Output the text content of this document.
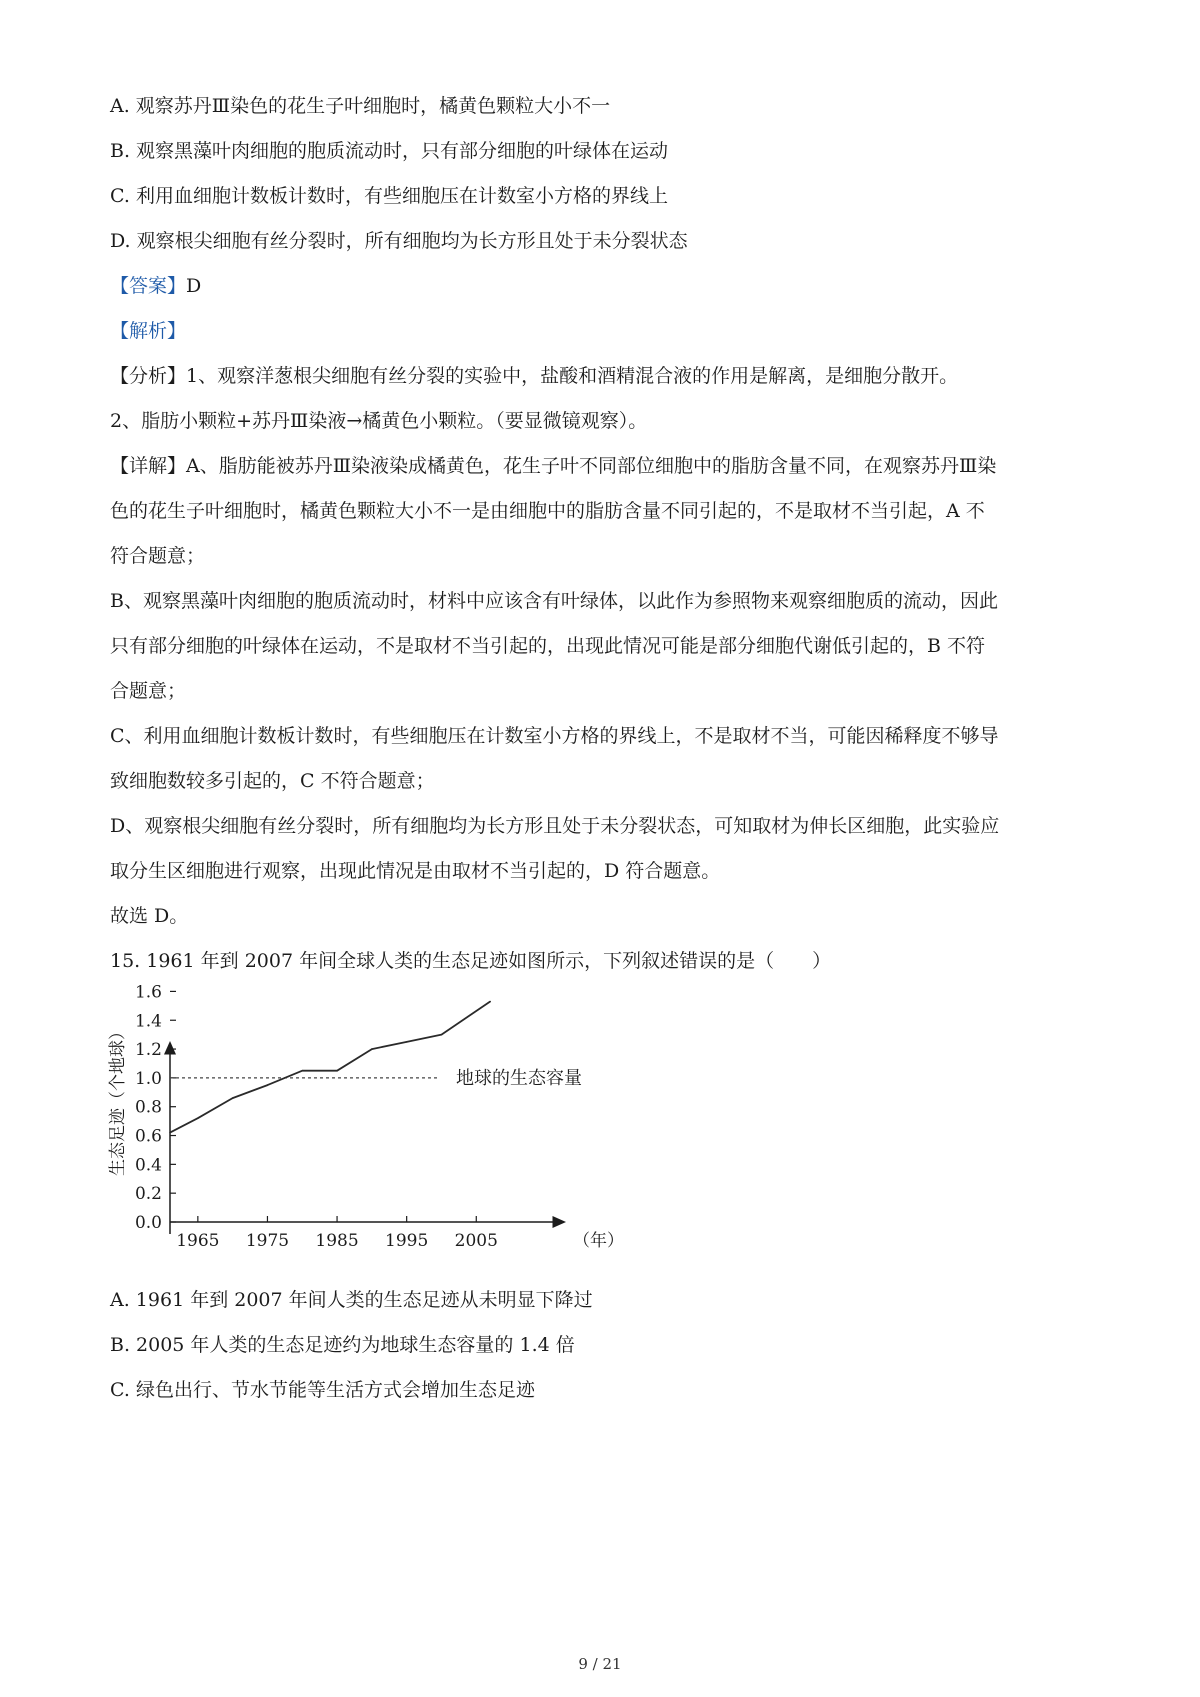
A. 观察苏丹Ⅲ染色的花生子叶细胞时，橘黄色颗粒大小不一
B. 观察黑藻叶肉细胞的胞质流动时，只有部分细胞的叶绿体在运动
C. 利用血细胞计数板计数时，有些细胞压在计数室小方格的界线上
D. 观察根尖细胞有丝分裂时，所有细胞均为长方形且处于未分裂状态
【答案】D
【解析】
【分析】1、观察洋葱根尖细胞有丝分裂的实验中，盐酸和酒精混合液的作用是解离，是细胞分散开。
2、脂肪小颗粒+苏丹Ⅲ染液→橘黄色小颗粒。（要显微镜观察）。
【详解】A、脂肪能被苏丹Ⅲ染液染成橘黄色，花生子叶不同部位细胞中的脂肪含量不同，在观察苏丹Ⅲ染
色的花生子叶细胞时，橘黄色颗粒大小不一是由细胞中的脂肪含量不同引起的，不是取材不当引起，A 不
符合题意；
B、观察黑藻叶肉细胞的胞质流动时，材料中应该含有叶绿体，以此作为参照物来观察细胞质的流动，因此
只有部分细胞的叶绿体在运动，不是取材不当引起的，出现此情况可能是部分细胞代谢低引起的，B 不符
合题意；
C、利用血细胞计数板计数时，有些细胞压在计数室小方格的界线上，不是取材不当，可能因稀释度不够导
致细胞数较多引起的，C 不符合题意；
D、观察根尖细胞有丝分裂时，所有细胞均为长方形且处于未分裂状态，可知取材为伸长区细胞，此实验应
取分生区细胞进行观察，出现此情况是由取材不当引起的，D 符合题意。
故选 D。
15. 1961 年到 2007 年间全球人类的生态足迹如图所示，下列叙述错误的是（　　）
0.0
0.2
0.4
0.6
0.8
1.0
1.2
1.4
1.6
1965 1975 1985 1995 2005	（年）
生态足迹（个地球）	地球的生态容量
A. 1961 年到 2007 年间人类的生态足迹从未明显下降过
B. 2005 年人类的生态足迹约为地球生态容量的 1.4 倍
C. 绿色出行、节水节能等生活方式会增加生态足迹
9 / 21
